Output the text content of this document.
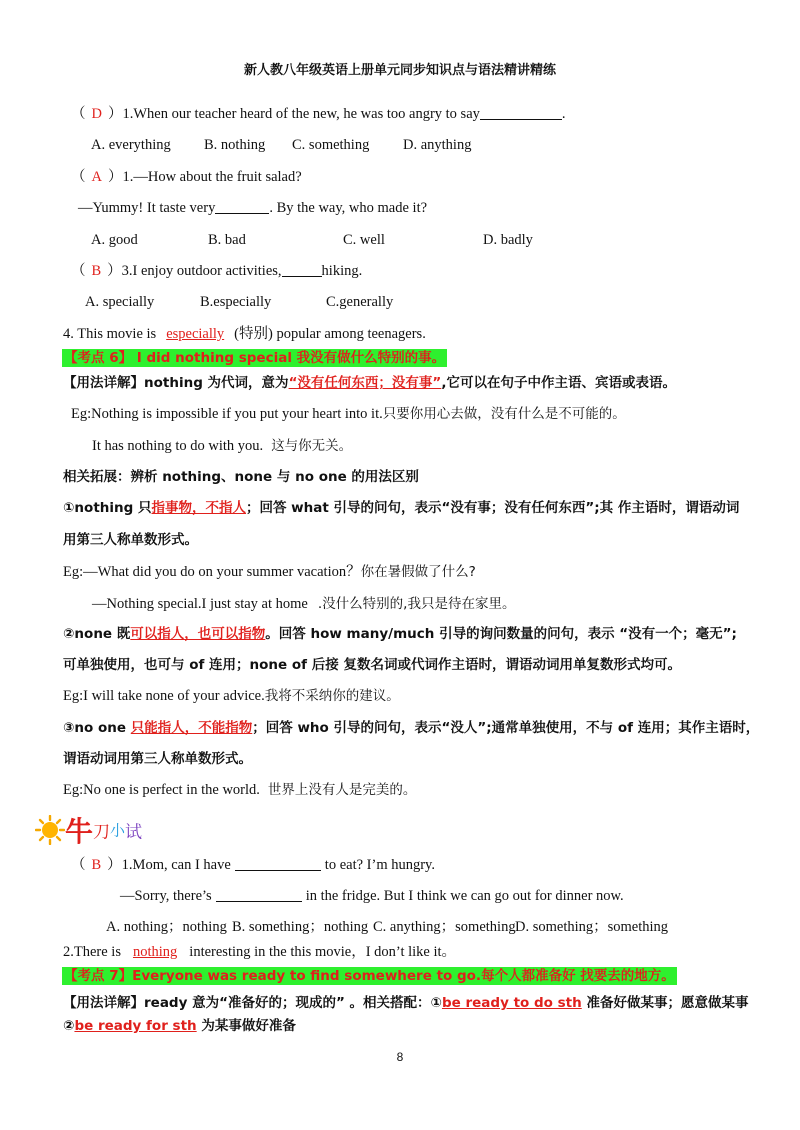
新人教八年级英语上册单元同步知识点与语法精讲精练
（ D ）1.When our teacher heard of the new, he was too angry to say	.
A. everything B. nothing C. something D. anything
（ A ）1.—How about the fruit salad?
—Yummy! It taste very	. By the way, who made it?
A. good	B. bad	C. well	D. badly
（ B ）3.I enjoy outdoor activities,	hiking.
A. specially	B.especially	C.generally
4. This movie is especially (特别) popular among teenagers.
【考点 6】 I did nothing special 我没有做什么特别的事。
【用法详解】nothing 为代词，意为“没有任何东西；没有事”,它可以在句子中作主语、宾语或表语。
Eg:Nothing is impossible if you put your heart into it.只要你用心去做，没有什么是不可能的。
It has nothing to do with you. 这与你无关。
相关拓展：辨析 nothing、none 与 no one 的用法区别
①nothing 只指事物，不指人；回答 what 引导的问句，表示“没有事；没有任何东西”;其 作主语时，谓语动词
用第三人称单数形式。
Eg:—What did you do on your summer vacation？你在暑假做了什么?
—Nothing special.I just stay at home .没什么特别的,我只是待在家里。
②none 既可以指人，也可以指物。回答 how many/much 引导的询问数量的问句，表示 “没有一个；毫无”;
可单独使用，也可与 of 连用；none of 后接 复数名词或代词作主语时，谓语动词用单复数形式均可。
Eg:I will take none of your advice.我将不采纳你的建议。
③no one 只能指人，不能指物；回答 who 引导的问句，表示“没人”;通常单独使用，不与 of 连用；其作主语时，
谓语动词用第三人称单数形式。
Eg:No one is perfect in the world. 世界上没有人是完美的。
牛刀小试
（ B ）1.Mom, can I have	to eat? I’m hungry.
—Sorry, there’s	in the fridge. But I think we can go out for dinner now.
A. nothing；nothing B. something；nothing C. anything；something D. something；something
2.There is nothing interesting in the this movie，I don’t like it。
【考点 7】Everyone was ready to find somewhere to go.每个人都准备好 找要去的地方。
【用法详解】ready 意为“准备好的；现成的” 。相关搭配：①be ready to do sth 准备好做某事；愿意做某事
②be ready for sth 为某事做好准备
8
